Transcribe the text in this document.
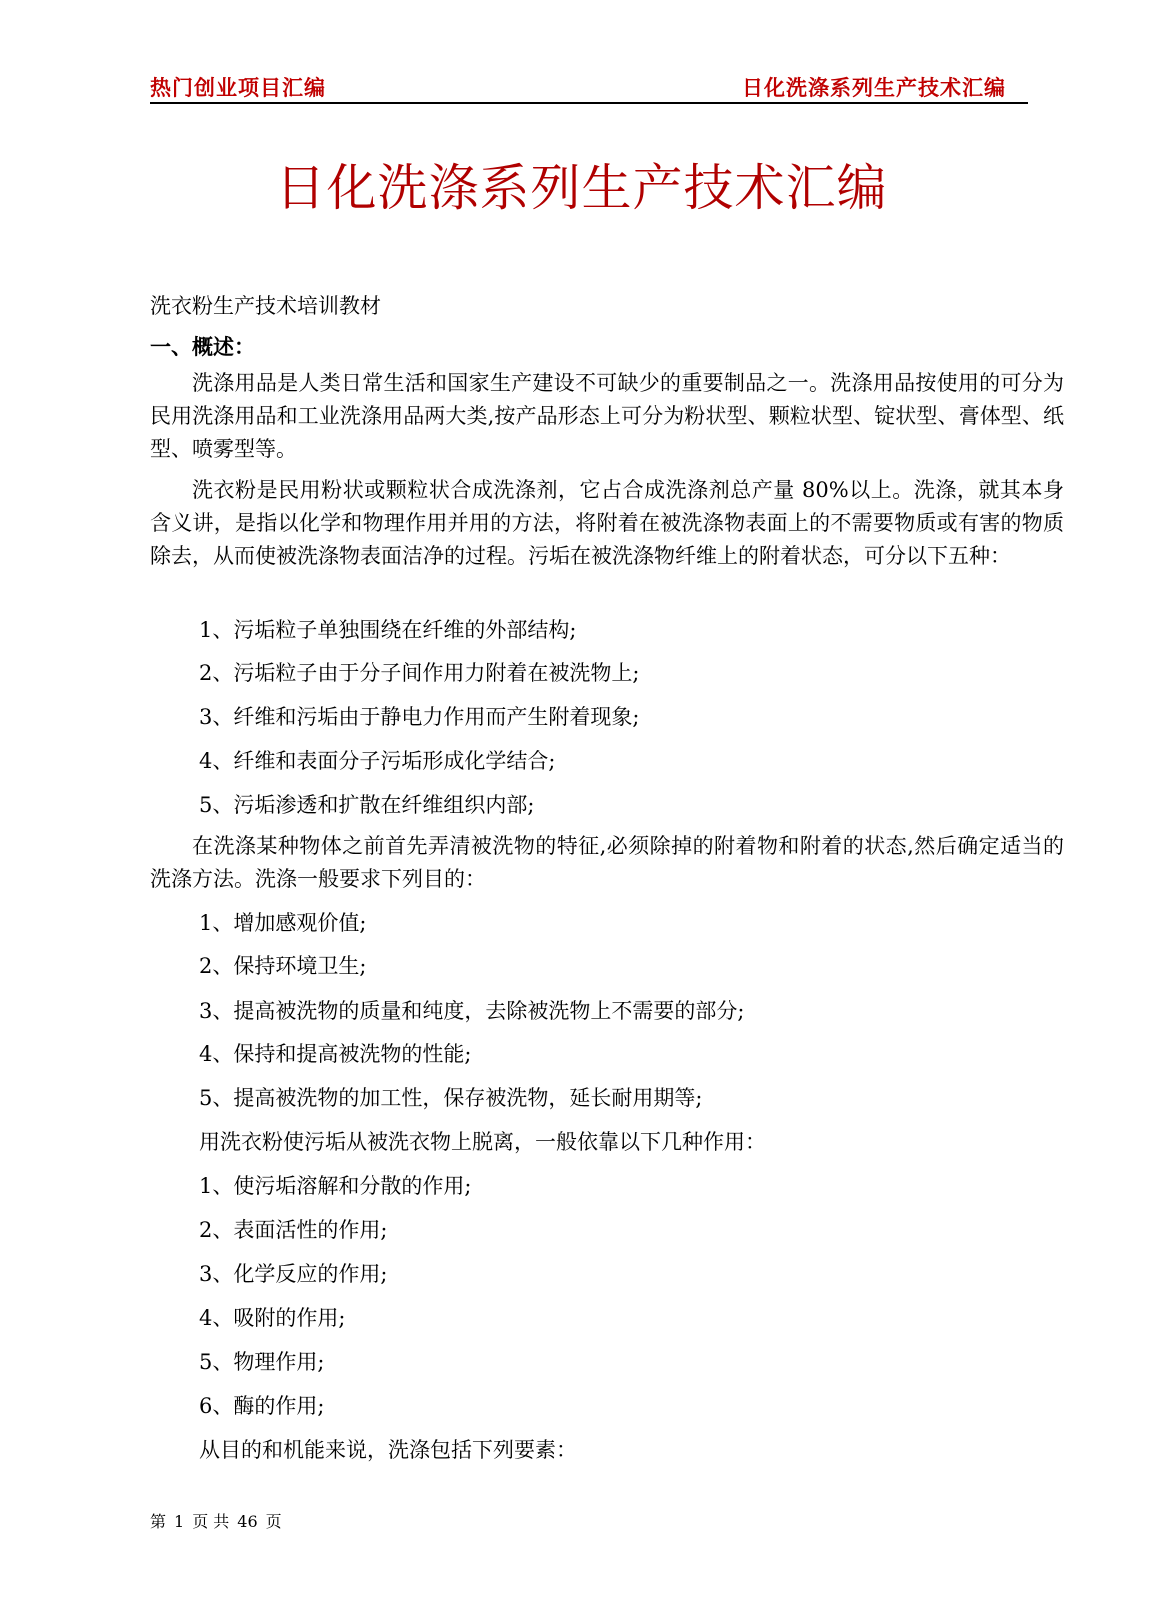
热门创业项目汇编	日化洗涤系列生产技术汇编
日化洗涤系列生产技术汇编
洗衣粉生产技术培训教材
一、概述：
洗涤用品是人类日常生活和国家生产建设不可缺少的重要制品之一。洗涤用品按使用的可分为民用洗涤用品和工业洗涤用品两大类,按产品形态上可分为粉状型、颗粒状型、锭状型、膏体型、纸型、喷雾型等。
洗衣粉是民用粉状或颗粒状合成洗涤剂，它占合成洗涤剂总产量 80%以上。洗涤，就其本身含义讲，是指以化学和物理作用并用的方法，将附着在被洗涤物表面上的不需要物质或有害的物质除去，从而使被洗涤物表面洁净的过程。污垢在被洗涤物纤维上的附着状态，可分以下五种：
1、污垢粒子单独围绕在纤维的外部结构;
2、污垢粒子由于分子间作用力附着在被洗物上;
3、纤维和污垢由于静电力作用而产生附着现象;
4、纤维和表面分子污垢形成化学结合;
5、污垢渗透和扩散在纤维组织内部;
在洗涤某种物体之前首先弄清被洗物的特征,必须除掉的附着物和附着的状态,然后确定适当的洗涤方法。洗涤一般要求下列目的：
1、增加感观价值;
2、保持环境卫生;
3、提高被洗物的质量和纯度，去除被洗物上不需要的部分;
4、保持和提高被洗物的性能;
5、提高被洗物的加工性，保存被洗物，延长耐用期等;
用洗衣粉使污垢从被洗衣物上脱离，一般依靠以下几种作用：
1、使污垢溶解和分散的作用;
2、表面活性的作用;
3、化学反应的作用;
4、吸附的作用;
5、物理作用;
6、酶的作用;
从目的和机能来说，洗涤包括下列要素：
第 1 页 共 46 页
